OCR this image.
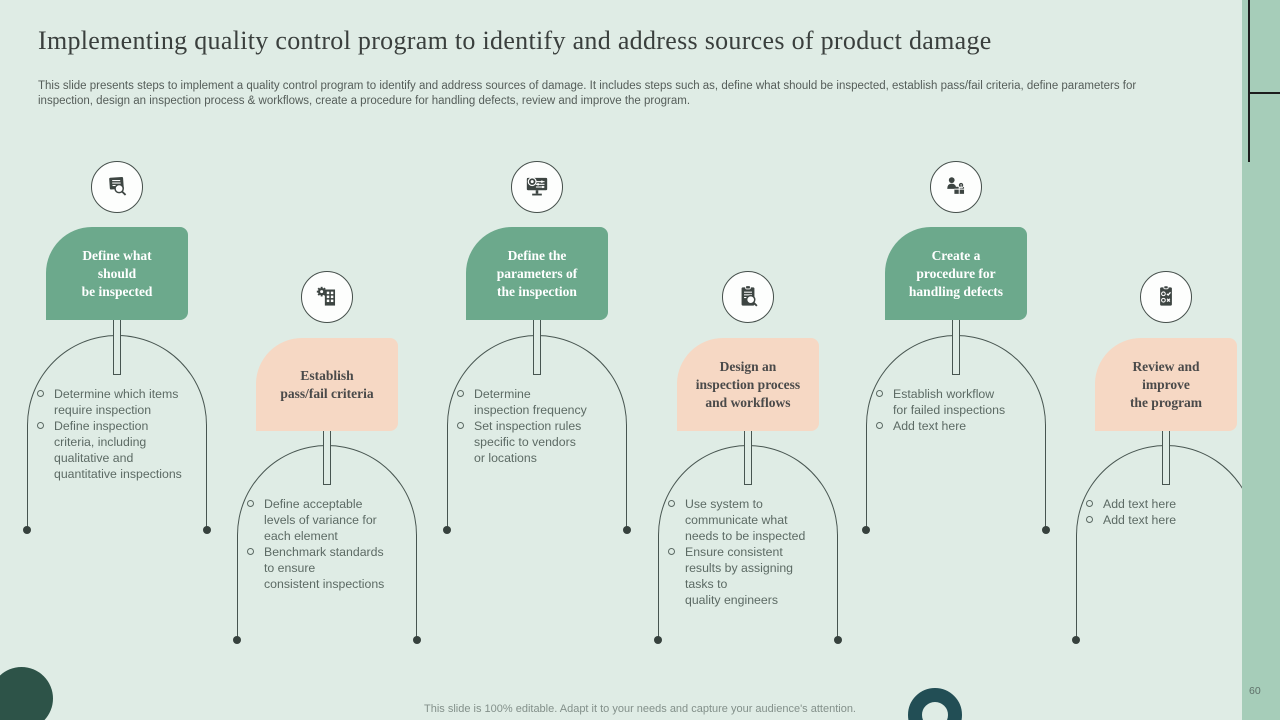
Implementing quality control program to identify and address sources of product damage

This slide presents steps to implement a quality control program to identify and address sources of damage. It includes steps such as, define what should be inspected, establish pass/fail criteria, define parameters for inspection, design an inspection process & workflows, create a procedure for handling defects, review and improve the program.

Define what
should
be inspected
Determine which items
require inspection
Define inspection
criteria, including
qualitative and
quantitative inspections
Establish
pass/fail criteria
Define acceptable
levels of variance for
each element
Benchmark standards
to ensure
consistent inspections
Define the
parameters of
the inspection
Determine
inspection frequency
Set inspection rules
specific to vendors
or locations
Design an
inspection process
and workflows
Use system to
communicate what
needs to be inspected
Ensure consistent
results by assigning
tasks to
quality engineers
Create a
procedure for
handling defects
Establish workflow
for failed inspections
Add text here
Review and
improve
the program
Add text here
Add text here
60
This slide is 100% editable. Adapt it to your needs and capture your audience's attention.
